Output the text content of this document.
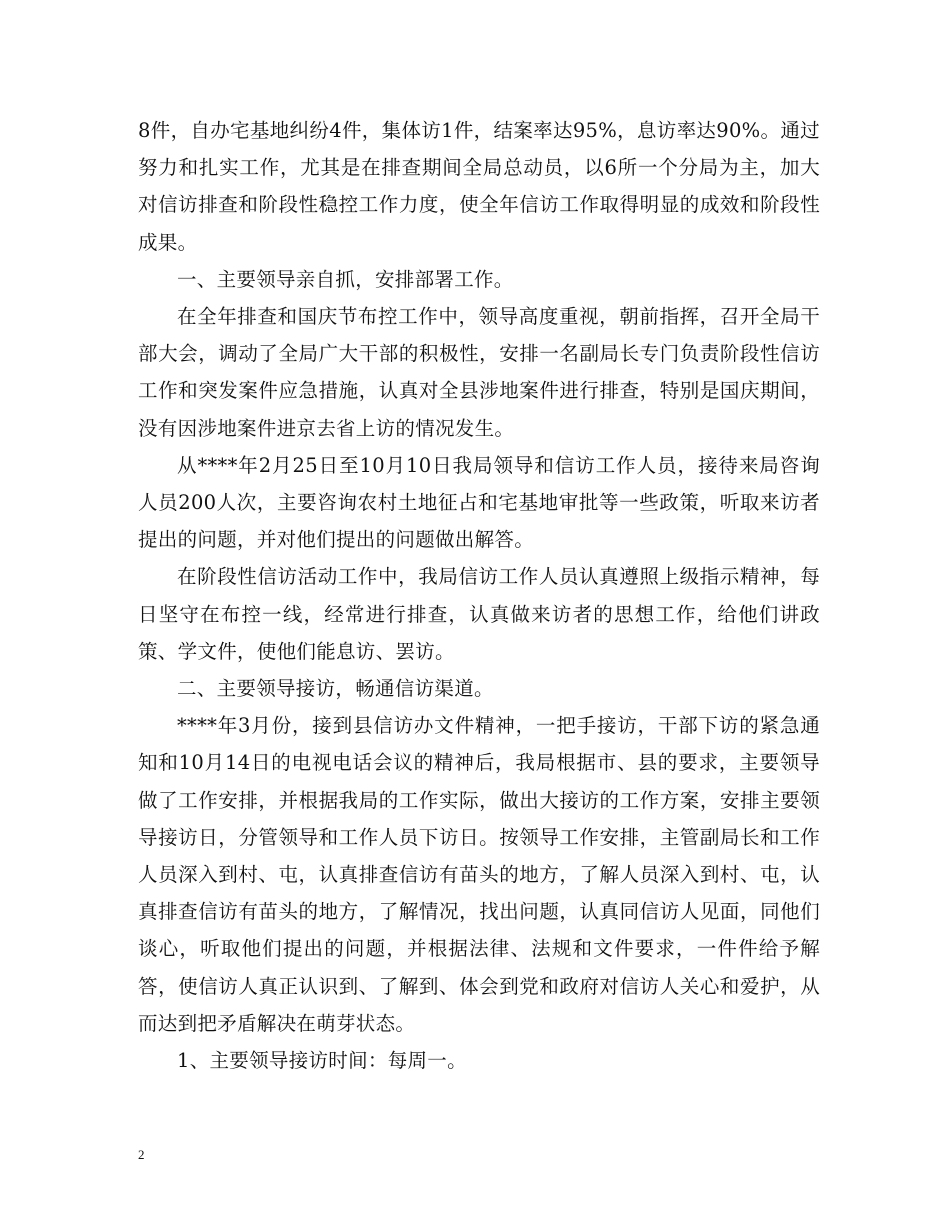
8件，自办宅基地纠纷4件，集体访1件，结案率达95%，息访率达90%。通过努力和扎实工作，尤其是在排查期间全局总动员，以6所一个分局为主，加大对信访排查和阶段性稳控工作力度，使全年信访工作取得明显的成效和阶段性成果。

一、主要领导亲自抓，安排部署工作。

在全年排查和国庆节布控工作中，领导高度重视，朝前指挥，召开全局干部大会，调动了全局广大干部的积极性，安排一名副局长专门负责阶段性信访工作和突发案件应急措施，认真对全县涉地案件进行排查，特别是国庆期间，没有因涉地案件进京去省上访的情况发生。

从****年2月25日至10月10日我局领导和信访工作人员，接待来局咨询人员200人次，主要咨询农村土地征占和宅基地审批等一些政策，听取来访者提出的问题，并对他们提出的问题做出解答。

在阶段性信访活动工作中，我局信访工作人员认真遵照上级指示精神，每日坚守在布控一线，经常进行排查，认真做来访者的思想工作，给他们讲政策、学文件，使他们能息访、罢访。

二、主要领导接访，畅通信访渠道。

****年3月份，接到县信访办文件精神，一把手接访，干部下访的紧急通知和10月14日的电视电话会议的精神后，我局根据市、县的要求，主要领导做了工作安排，并根据我局的工作实际，做出大接访的工作方案，安排主要领导接访日，分管领导和工作人员下访日。按领导工作安排，主管副局长和工作人员深入到村、屯，认真排查信访有苗头的地方，了解人员深入到村、屯，认真排查信访有苗头的地方，了解情况，找出问题，认真同信访人见面，同他们谈心，听取他们提出的问题，并根据法律、法规和文件要求，一件件给予解答，使信访人真正认识到、了解到、体会到党和政府对信访人关心和爱护，从而达到把矛盾解决在萌芽状态。

1、主要领导接访时间：每周一。

2
